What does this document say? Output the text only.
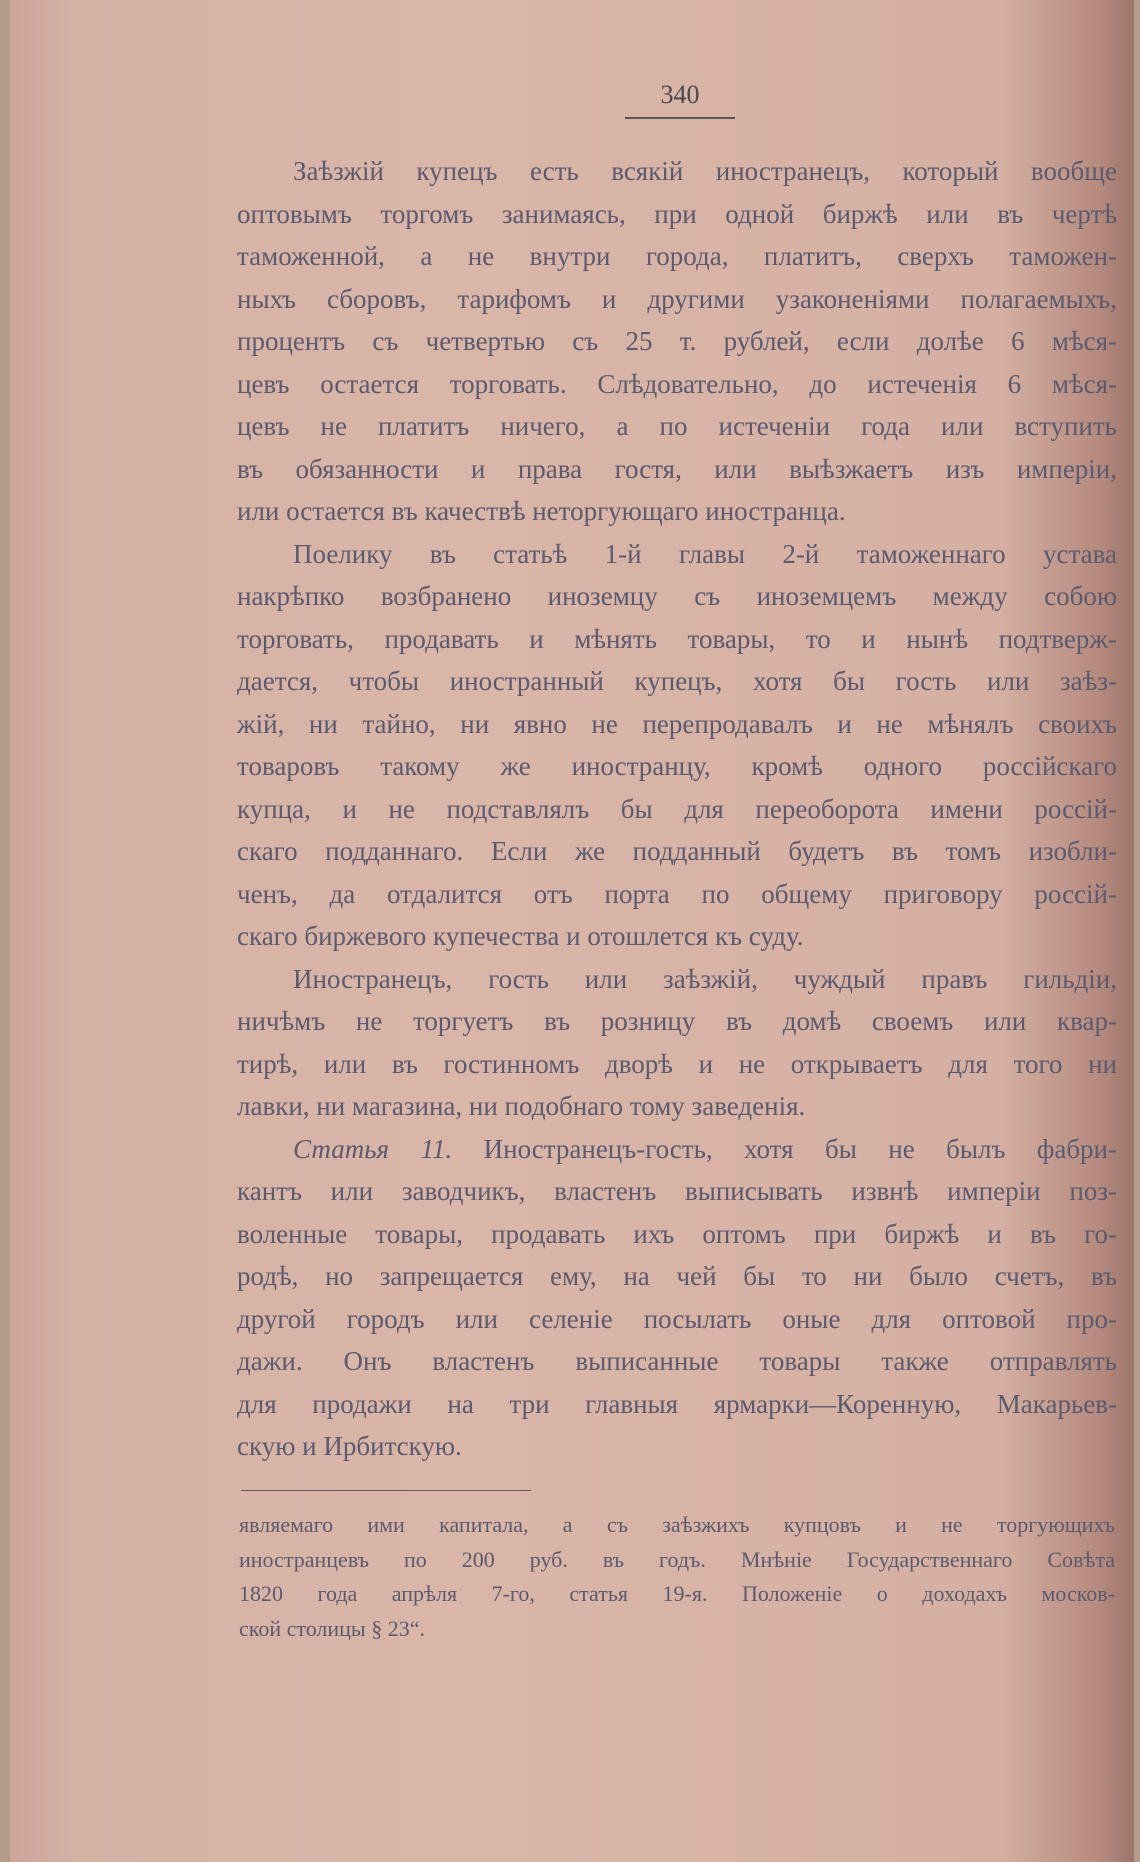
340
Заѣзжій купецъ есть всякій иностранецъ, который вообще
оптовымъ торгомъ занимаясь, при одной биржѣ или въ чертѣ
таможенной, а не внутри города, платитъ, сверхъ таможен-
ныхъ сборовъ, тарифомъ и другими узаконеніями полагаемыхъ,
процентъ съ четвертью съ 25 т. рублей, если долѣе 6 мѣся-
цевъ остается торговать. Слѣдовательно, до истеченія 6 мѣся-
цевъ не платитъ ничего, а по истеченіи года или вступить
въ обязанности и права гостя, или выѣзжаетъ изъ имперіи,
или остается въ качествѣ неторгующаго иностранца.
Поелику въ статьѣ 1-й главы 2-й таможеннаго устава
накрѣпко возбранено иноземцу съ иноземцемъ между собою
торговать, продавать и мѣнять товары, то и нынѣ подтверж-
дается, чтобы иностранный купецъ, хотя бы гость или заѣз-
жій, ни тайно, ни явно не перепродавалъ и не мѣнялъ своихъ
товаровъ такому же иностранцу, кромѣ одного россійскаго
купца, и не подставлялъ бы для переоборота имени россій-
скаго подданнаго. Если же подданный будетъ въ томъ изобли-
ченъ, да отдалится отъ порта по общему приговору россій-
скаго биржевого купечества и отошлется къ суду.
Иностранецъ, гость или заѣзжій, чуждый правъ гильдіи,
ничѣмъ не торгуетъ въ розницу въ домѣ своемъ или квар-
тирѣ, или въ гостинномъ дворѣ и не открываетъ для того ни
лавки, ни магазина, ни подобнаго тому заведенія.
Статья 11. Иностранецъ-гость, хотя бы не былъ фабри-
кантъ или заводчикъ, властенъ выписывать извнѣ имперіи поз-
воленные товары, продавать ихъ оптомъ при биржѣ и въ го-
родѣ, но запрещается ему, на чей бы то ни было счетъ, въ
другой городъ или селеніе посылать оные для оптовой про-
дажи. Онъ властенъ выписанные товары также отправлять
для продажи на три главныя ярмарки—Коренную, Макарьев-
скую и Ирбитскую.
являемаго ими капитала, а съ заѣзжихъ купцовъ и не торгующихъ
иностранцевъ по 200 руб. въ годъ. Мнѣніе Государственнаго Совѣта
1820 года апрѣля 7-го, статья 19-я. Положеніе о доходахъ москов-
ской столицы § 23“.
